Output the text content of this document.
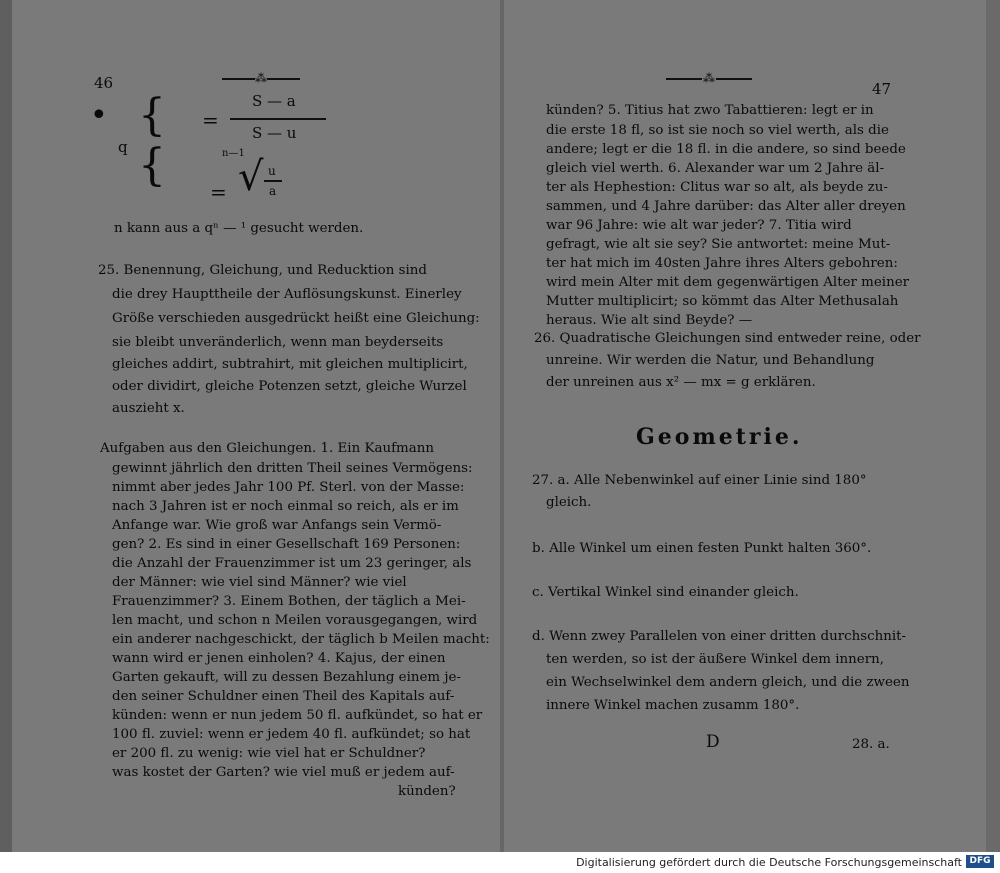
46	⁂
•
q
{
{
=
S — a
S — u
n—1
= √ u
a
n kann aus a qⁿ — ¹ gesucht werden.
25. Benennung, Gleichung, und Reducktion sind
die drey Haupttheile der Auflösungskunst. Einerley
Größe verschieden ausgedrückt heißt eine Gleichung:
sie bleibt unveränderlich, wenn man beyderseits
gleiches addirt, subtrahirt, mit gleichen multiplicirt,
oder dividirt, gleiche Potenzen setzt, gleiche Wurzel
auszieht x.
Aufgaben aus den Gleichungen. 1. Ein Kaufmann
gewinnt jährlich den dritten Theil seines Vermögens:
nimmt aber jedes Jahr 100 Pf. Sterl. von der Masse:
nach 3 Jahren ist er noch einmal so reich, als er im
Anfange war. Wie groß war Anfangs sein Vermö-
gen? 2. Es sind in einer Gesellschaft 169 Personen:
die Anzahl der Frauenzimmer ist um 23 geringer, als
der Männer: wie viel sind Männer? wie viel
Frauenzimmer? 3. Einem Bothen, der täglich a Mei-
len macht, und schon n Meilen vorausgegangen, wird
ein anderer nachgeschickt, der täglich b Meilen macht:
wann wird er jenen einholen? 4. Kajus, der einen
Garten gekauft, will zu dessen Bezahlung einem je-
den seiner Schuldner einen Theil des Kapitals auf-
künden: wenn er nun jedem 50 fl. aufkündet, so hat er
100 fl. zuviel: wenn er jedem 40 fl. aufkündet; so hat
er 200 fl. zu wenig: wie viel hat er Schuldner?
was kostet der Garten? wie viel muß er jedem auf-
künden?
⁂
47
künden? 5. Titius hat zwo Tabattieren: legt er in
die erste 18 fl, so ist sie noch so viel werth, als die
andere; legt er die 18 fl. in die andere, so sind beede
gleich viel werth. 6. Alexander war um 2 Jahre äl-
ter als Hephestion: Clitus war so alt, als beyde zu-
sammen, und 4 Jahre darüber: das Alter aller dreyen
war 96 Jahre: wie alt war jeder? 7. Titia wird
gefragt, wie alt sie sey? Sie antwortet: meine Mut-
ter hat mich im 40sten Jahre ihres Alters gebohren:
wird mein Alter mit dem gegenwärtigen Alter meiner
Mutter multiplicirt; so kömmt das Alter Methusalah
heraus. Wie alt sind Beyde? —
26. Quadratische Gleichungen sind entweder reine, oder
unreine. Wir werden die Natur, und Behandlung
der unreinen aus x² — mx = g erklären.
Geometrie.
27. a. Alle Nebenwinkel auf einer Linie sind 180°
gleich.
b. Alle Winkel um einen festen Punkt halten 360°.
c. Vertikal Winkel sind einander gleich.
d. Wenn zwey Parallelen von einer dritten durchschnit-
ten werden, so ist der äußere Winkel dem innern,
ein Wechselwinkel dem andern gleich, und die zween
innere Winkel machen zusamm 180°.
D	28. a.
Digitalisierung gefördert durch die Deutsche Forschungsgemeinschaft DFG
